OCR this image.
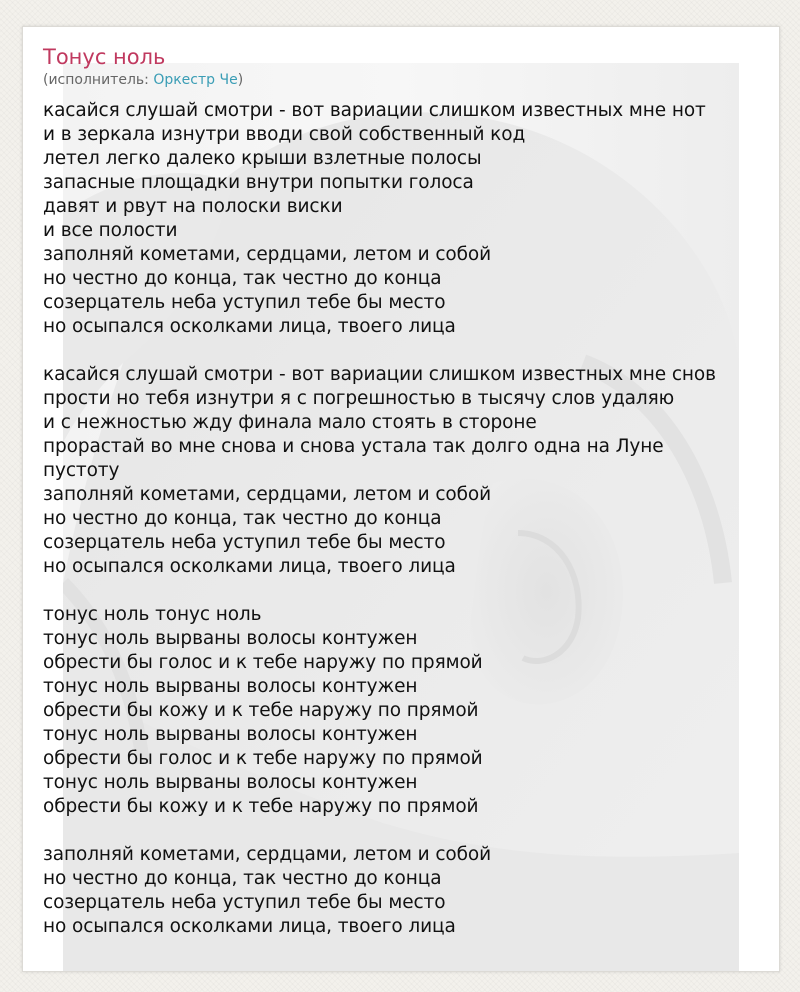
Тонус ноль
(исполнитель: Оркестр Че)
касайся слушай смотри - вот вариации слишком известных мне нот
и в зеркала изнутри вводи свой собственный код
летел легко далеко крыши взлетные полосы
запасные площадки внутри попытки голоса
давят и рвут на полоски виски
и все полости
заполняй кометами, сердцами, летом и собой
но честно до конца, так честно до конца
созерцатель неба уступил тебе бы место
но осыпался осколками лица, твоего лица
касайся слушай смотри - вот вариации слишком известных мне снов
прости но тебя изнутри я с погрешностью в тысячу слов удаляю
и с нежностью жду финала мало стоять в стороне
прорастай во мне снова и снова устала так долго одна на Луне
пустоту
заполняй кометами, сердцами, летом и собой
но честно до конца, так честно до конца
созерцатель неба уступил тебе бы место
но осыпался осколками лица, твоего лица
тонус ноль тонус ноль
тонус ноль вырваны волосы контужен
обрести бы голос и к тебе наружу по прямой
тонус ноль вырваны волосы контужен
обрести бы кожу и к тебе наружу по прямой
тонус ноль вырваны волосы контужен
обрести бы голос и к тебе наружу по прямой
тонус ноль вырваны волосы контужен
обрести бы кожу и к тебе наружу по прямой
заполняй кометами, сердцами, летом и собой
но честно до конца, так честно до конца
созерцатель неба уступил тебе бы место
но осыпался осколками лица, твоего лица
